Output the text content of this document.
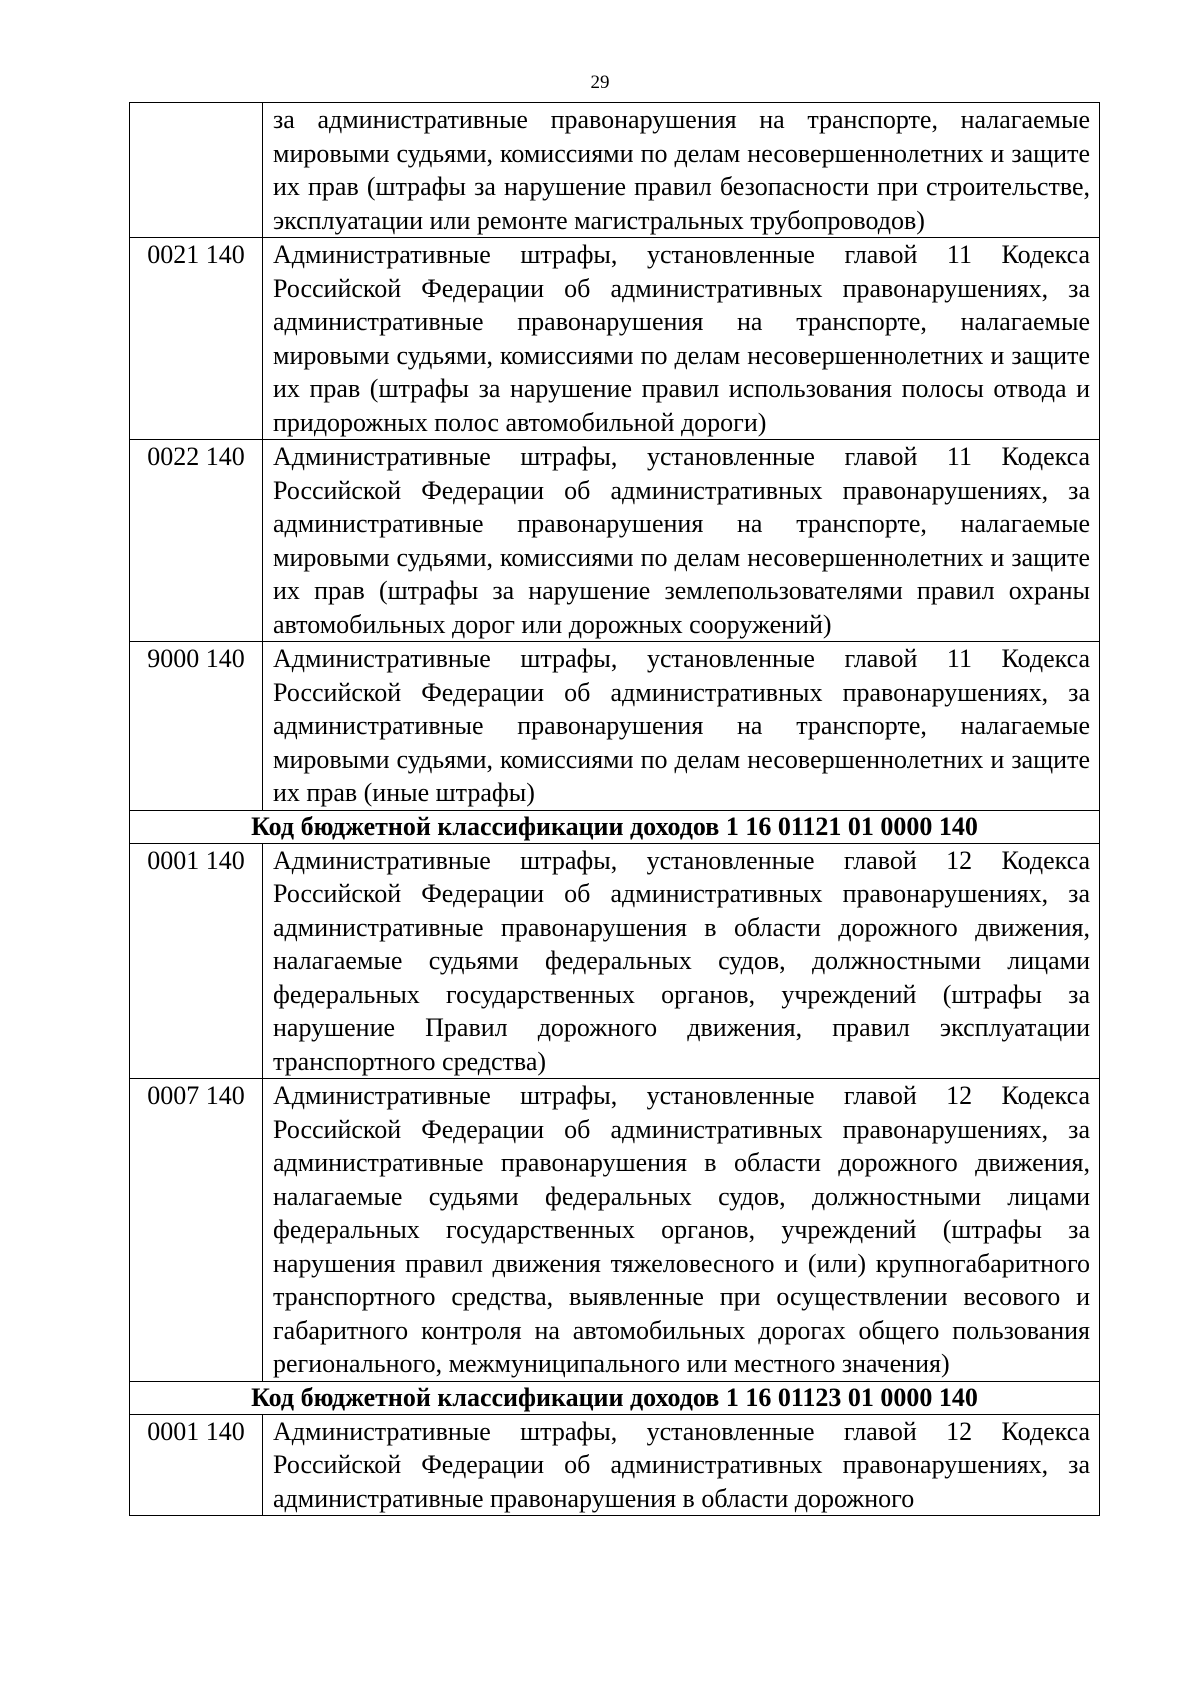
29

	за административные правонарушения на транспорте, налагаемые мировыми судьями, комиссиями по делам несовершеннолетних и защите их прав (штрафы за нарушение правил безопасности при строительстве, эксплуатации или ремонте магистральных трубопроводов)

0021 140	Административные штрафы, установленные главой 11 Кодекса Российской Федерации об административных правонарушениях, за административные правонарушения на транспорте, налагаемые мировыми судьями, комиссиями по делам несовершеннолетних и защите их прав (штрафы за нарушение правил использования полосы отвода и придорожных полос автомобильной дороги)

0022 140	Административные штрафы, установленные главой 11 Кодекса Российской Федерации об административных правонарушениях, за административные правонарушения на транспорте, налагаемые мировыми судьями, комиссиями по делам несовершеннолетних и защите их прав (штрафы за нарушение землепользователями правил охраны автомобильных дорог или дорожных сооружений)

9000 140	Административные штрафы, установленные главой 11 Кодекса Российской Федерации об административных правонарушениях, за административные правонарушения на транспорте, налагаемые мировыми судьями, комиссиями по делам несовершеннолетних и защите их прав (иные штрафы)

Код бюджетной классификации доходов 1 16 01121 01 0000 140	
0001 140	Административные штрафы, установленные главой 12 Кодекса Российской Федерации об административных правонарушениях, за административные правонарушения в области дорожного движения, налагаемые судьями федеральных судов, должностными лицами федеральных государственных органов, учреждений (штрафы за нарушение Правил дорожного движения, правил эксплуатации транспортного средства)

0007 140	Административные штрафы, установленные главой 12 Кодекса Российской Федерации об административных правонарушениях, за административные правонарушения в области дорожного движения, налагаемые судьями федеральных судов, должностными лицами федеральных государственных органов, учреждений (штрафы за нарушения правил движения тяжеловесного и (или) крупногабаритного транспортного средства, выявленные при осуществлении весового и габаритного контроля на автомобильных дорогах общего пользования регионального, межмуниципального или местного значения)

Код бюджетной классификации доходов 1 16 01123 01 0000 140	
0001 140	Административные штрафы, установленные главой 12 Кодекса Российской Федерации об административных правонарушениях, за административные правонарушения в области дорожного
